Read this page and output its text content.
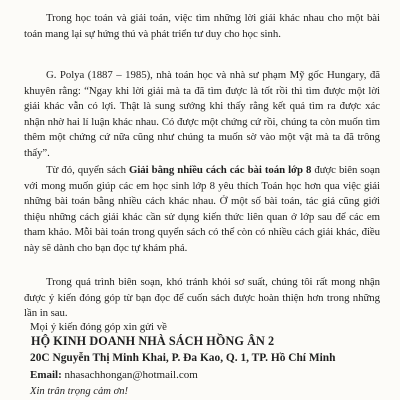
Trong học toán và giải toán, việc tìm những lời giải khác nhau cho một bài toán mang lại sự hứng thú và phát triển tư duy cho học sinh.

G. Polya (1887 – 1985), nhà toán học và nhà sư phạm Mỹ gốc Hungary, đã khuyên rằng: “Ngay khi lời giải mà ta đã tìm được là tốt rồi thì tìm được một lời giải khác vẫn có lợi. Thật là sung sướng khi thấy rằng kết quả tìm ra được xác nhận nhờ hai lí luận khác nhau. Có được một chứng cứ rồi, chúng ta còn muốn tìm thêm một chứng cứ nữa cũng như chúng ta muốn sờ vào một vật mà ta đã trông thấy”.

Từ đó, quyển sách Giải bằng nhiều cách các bài toán lớp 8 được biên soạn với mong muốn giúp các em học sinh lớp 8 yêu thích Toán học hơn qua việc giải những bài toán bằng nhiều cách khác nhau. Ở một số bài toán, tác giả cũng giới thiệu những cách giải khác cần sử dụng kiến thức liên quan ở lớp sau để các em tham khảo. Mỗi bài toán trong quyển sách có thể còn có nhiều cách giải khác, điều này sẽ dành cho bạn đọc tự khám phá.

Trong quá trình biên soạn, khó tránh khỏi sơ suất, chúng tôi rất mong nhận được ý kiến đóng góp từ bạn đọc để cuốn sách được hoàn thiện hơn trong những lần in sau.

Mọi ý kiến đóng góp xin gửi về

HỘ KINH DOANH NHÀ SÁCH HỒNG ÂN 2

20C Nguyễn Thị Minh Khai, P. Đa Kao, Q. 1, TP. Hồ Chí Minh

Email: nhasachhongan@hotmail.com

Xin trân trọng cảm ơn!
